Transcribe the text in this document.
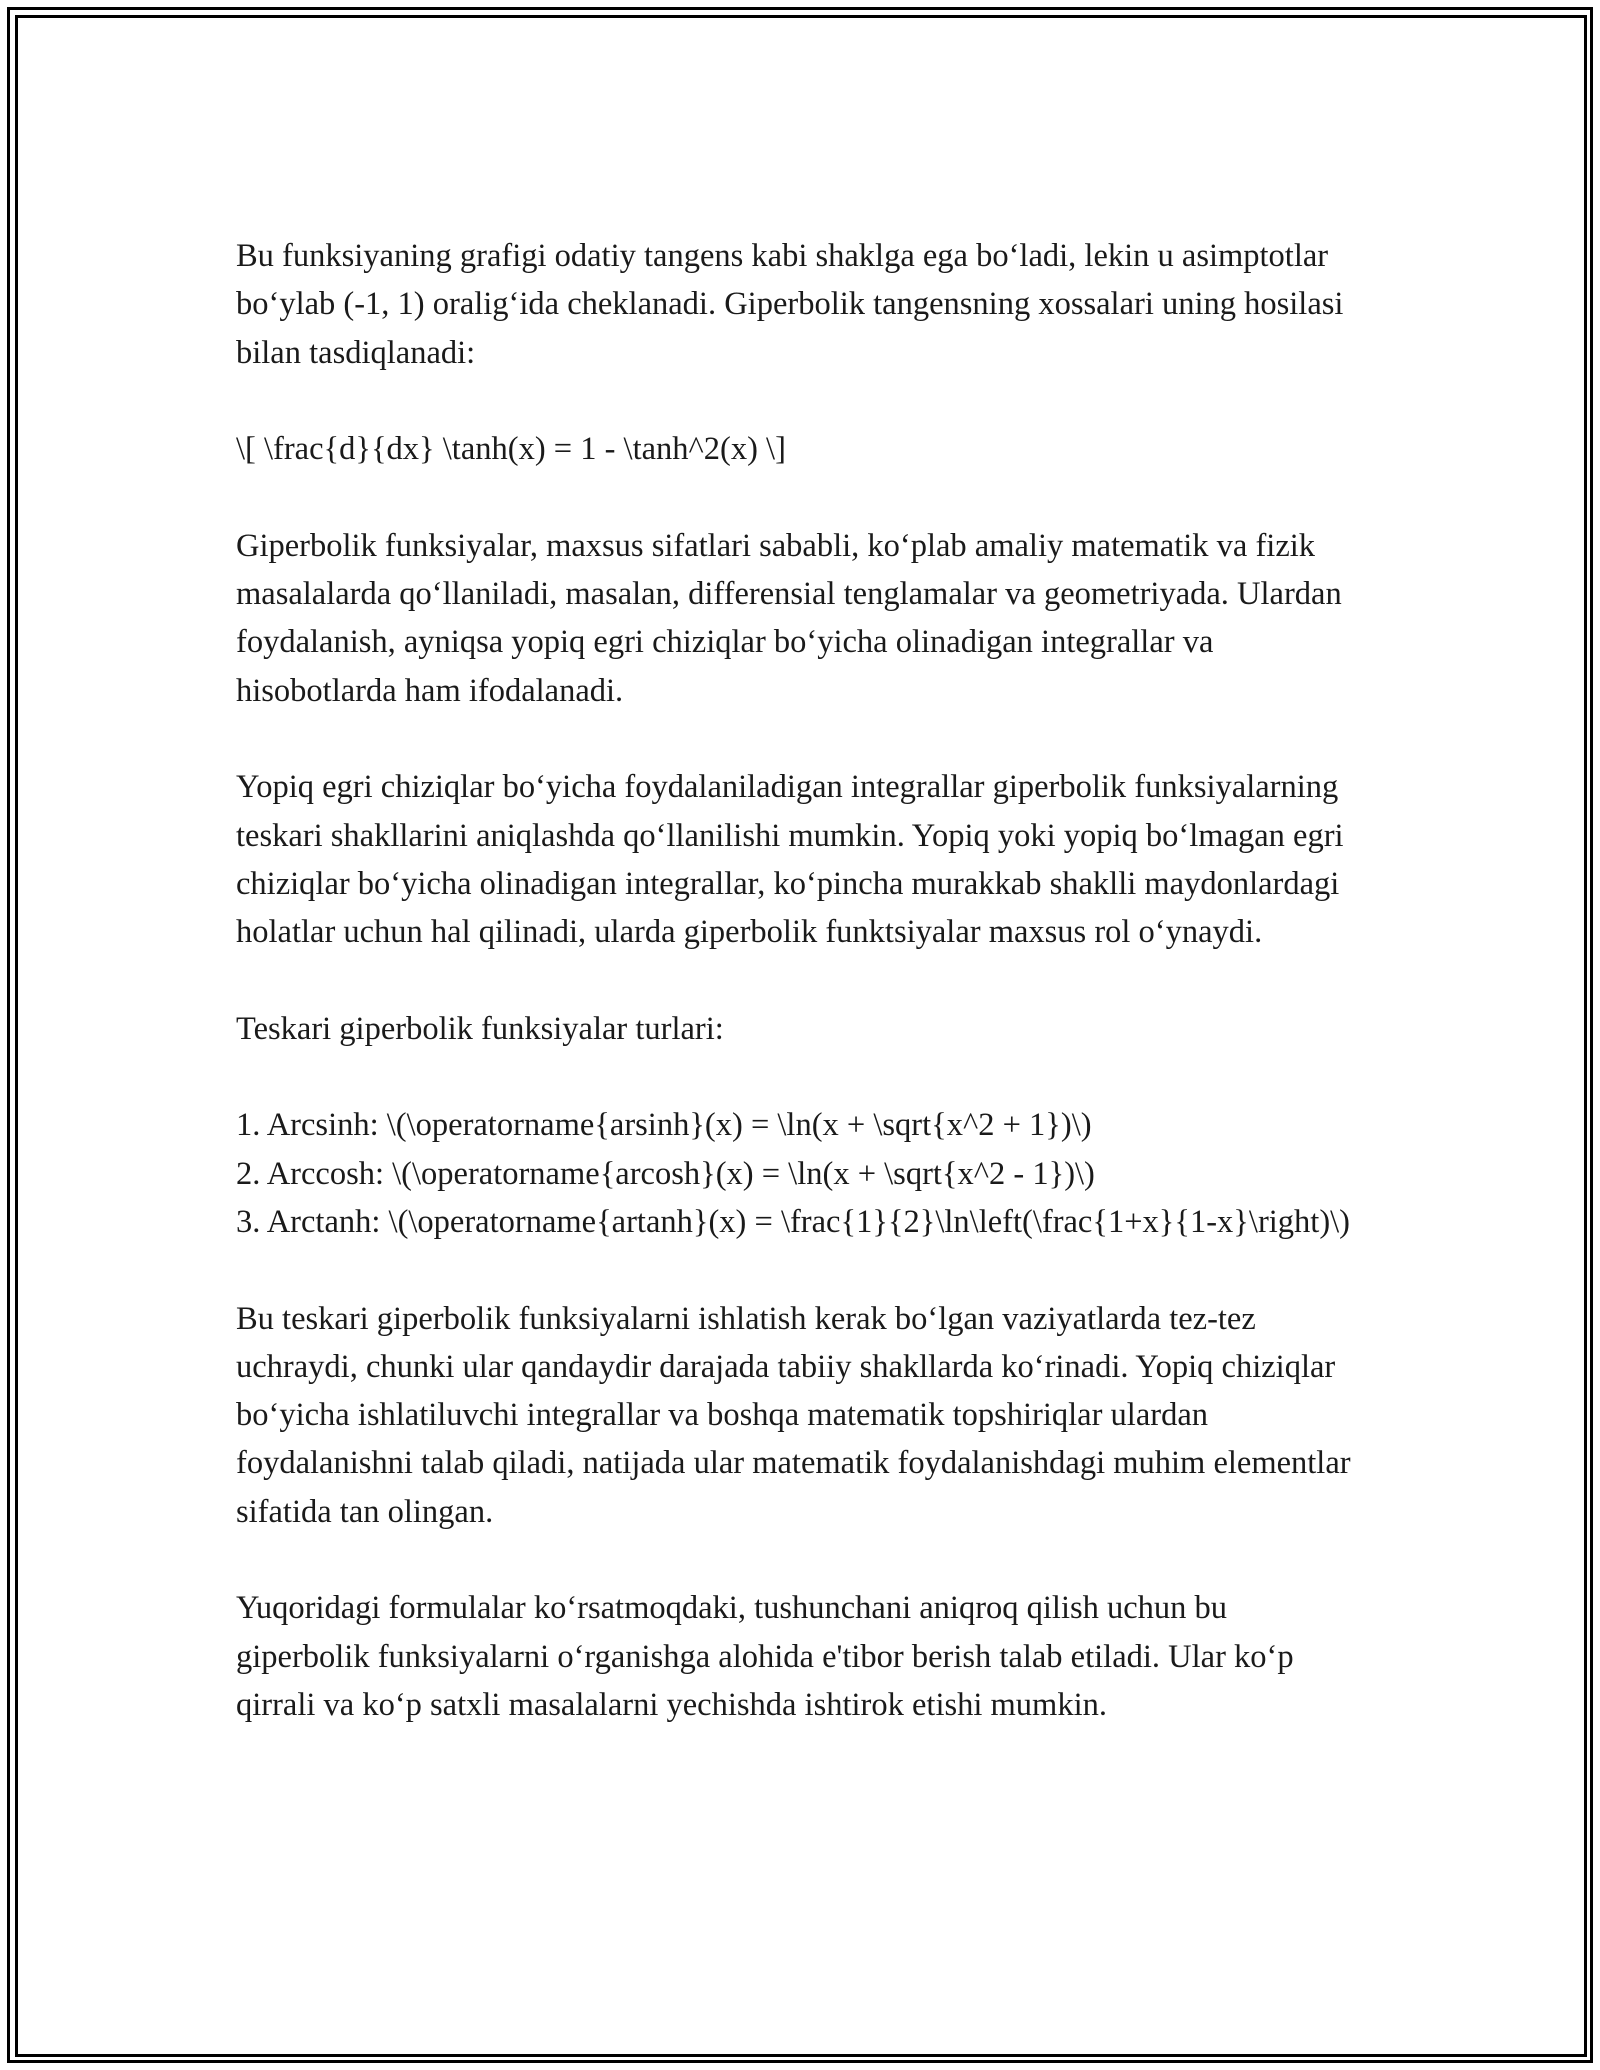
Bu funksiyaning grafigi odatiy tangens kabi shaklga ega bo‘ladi, lekin u asimptotlar bo‘ylab (-1, 1) oralig‘ida cheklanadi. Giperbolik tangensning xossalari uning hosilasi bilan tasdiqlanadi:

\[ \frac{d}{dx} \tanh(x) = 1 - \tanh^2(x) \]

Giperbolik funksiyalar, maxsus sifatlari sababli, ko‘plab amaliy matematik va fizik masalalarda qo‘llaniladi, masalan, differensial tenglamalar va geometriyada. Ulardan foydalanish, ayniqsa yopiq egri chiziqlar bo‘yicha olinadigan integrallar va hisobotlarda ham ifodalanadi.

Yopiq egri chiziqlar bo‘yicha foydalaniladigan integrallar giperbolik funksiyalarning teskari shakllarini aniqlashda qo‘llanilishi mumkin. Yopiq yoki yopiq bo‘lmagan egri chiziqlar bo‘yicha olinadigan integrallar, ko‘pincha murakkab shaklli maydonlardagi holatlar uchun hal qilinadi, ularda giperbolik funktsiyalar maxsus rol o‘ynaydi.

Teskari giperbolik funksiyalar turlari:

1. Arcsinh: \(\operatorname{arsinh}(x) = \ln(x + \sqrt{x^2 + 1})\)
2. Arccosh: \(\operatorname{arcosh}(x) = \ln(x + \sqrt{x^2 - 1})\)
3. Arctanh: \(\operatorname{artanh}(x) = \frac{1}{2}\ln\left(\frac{1+x}{1-x}\right)\)

Bu teskari giperbolik funksiyalarni ishlatish kerak bo‘lgan vaziyatlarda tez-tez uchraydi, chunki ular qandaydir darajada tabiiy shakllarda ko‘rinadi. Yopiq chiziqlar bo‘yicha ishlatiluvchi integrallar va boshqa matematik topshiriqlar ulardan foydalanishni talab qiladi, natijada ular matematik foydalanishdagi muhim elementlar sifatida tan olingan.

Yuqoridagi formulalar ko‘rsatmoqdaki, tushunchani aniqroq qilish uchun bu giperbolik funksiyalarni o‘rganishga alohida e'tibor berish talab etiladi. Ular ko‘p qirrali va ko‘p satxli masalalarni yechishda ishtirok etishi mumkin.
